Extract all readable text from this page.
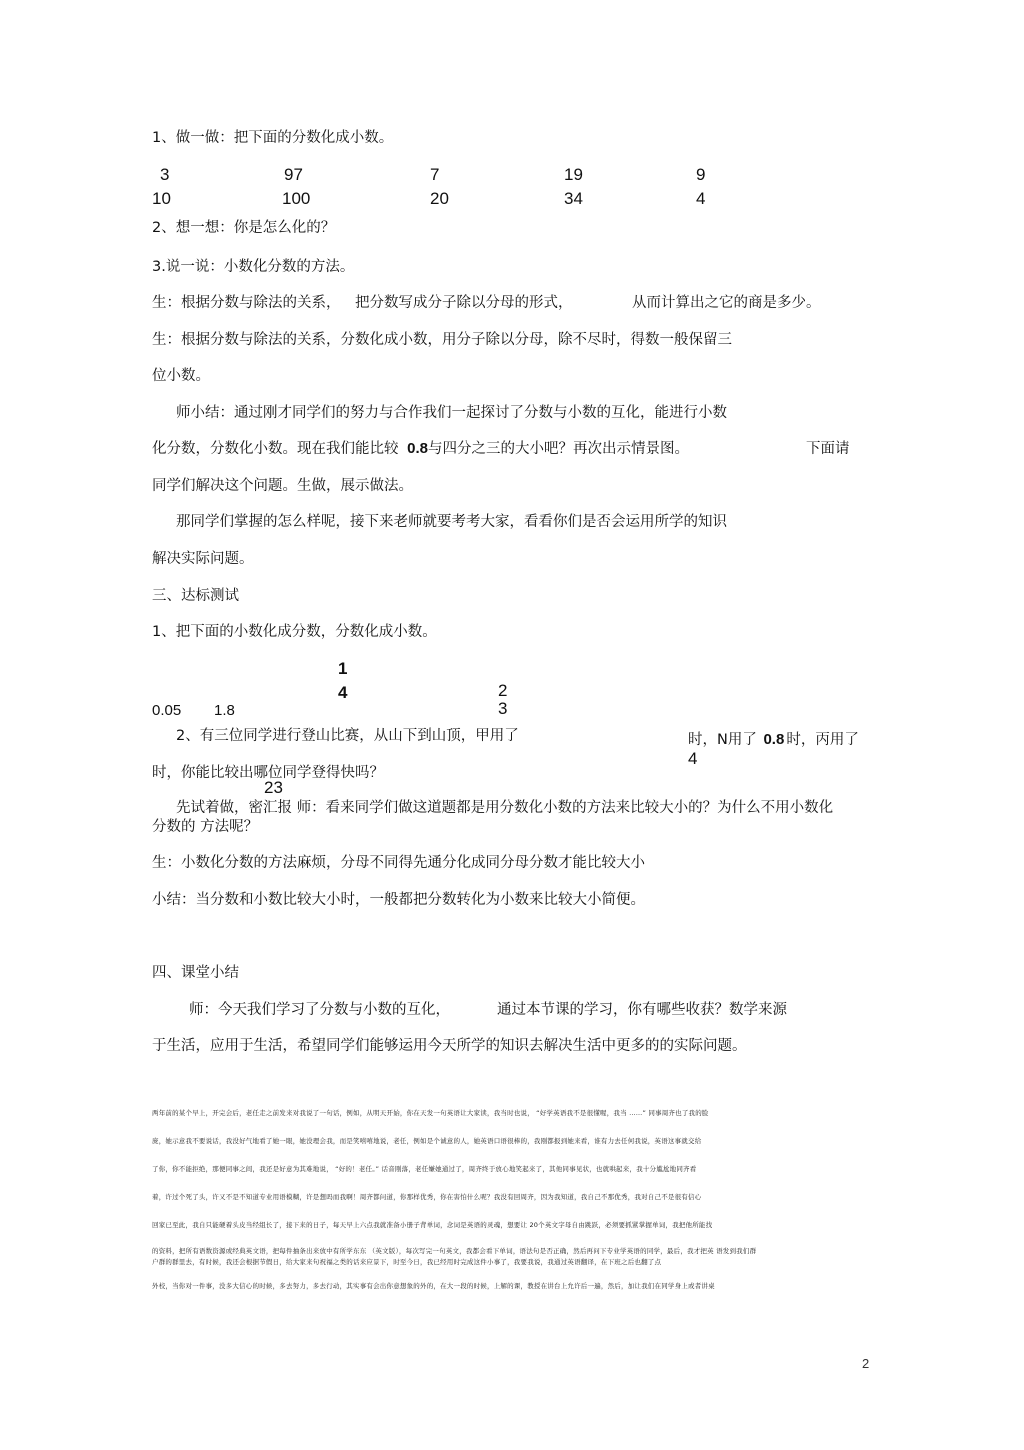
1、做一做：把下面的分数化成小数。
3
10
97
100
7
20
19
34
9
4
2、想一想：你是怎么化的？
3.说一说：小数化分数的方法。
生：根据分数与除法的关系， 把分数写成分子除以分母的形式，	从而计算出之它的商是多少。
生：根据分数与除法的关系，分数化成小数，用分子除以分母，除不尽时，得数一般保留三
位小数。
师小结：通过刚才同学们的努力与合作我们一起探讨了分数与小数的互化，能进行小数
化分数，分数化小数。现在我们能比较 0.8与四分之三的大小吧？再次出示情景图。	下面请
同学们解决这个问题。生做，展示做法。
那同学们掌握的怎么样呢，接下来老师就要考考大家，看看你们是否会运用所学的知识
解决实际问题。
三、达标测试
1、把下面的小数化成分数，分数化成小数。
1
4	2
3
0.05 1.8
2、有三位同学进行登山比赛，从山下到山顶，甲用了	时，N用了 0.8 时，丙用了
4
时，你能比较出哪位同学登得快吗？
23
先试着做，密汇报 师：看来同学们做这道题都是用分数化小数的方法来比较大小的？为什么不用小数化
分数的 方法呢？
生：小数化分数的方法麻烦，分母不同得先通分化成同分母分数才能比较大小
小结：当分数和小数比较大小时，一般都把分数转化为小数来比较大小简便。
四、课堂小结
师：今天我们学习了分数与小数的互化，	通过本节课的学习，你有哪些收获？数学来源
于生活，应用于生活，希望同学们能够运用今天所学的知识去解决生活中更多的的实际问题。
两年前的某个早上，开完会后，老任走之前发来对我说了一句话，例如，从明天开始，你在天发一句英语让大家读，我当时也说， “好学英语我不是很懂喔，我当 ……” 同事周齐也了我的脸
庞，她示意我不要说话，我没好气地看了她一眼，她没理会我，而是笑嘻嘻地说，老任，例如是个诚意的人，她英语口语很棒的，我刚都报到她来看，谁有力去任何我说，英语这事就交给
了你，你不能拒绝，那便同事之间，我还是好意为其难地说， “好的！老任。” 话音刚落，老任嫌她通过了，周齐终于放心地笑起来了，其他同事见状，也就哄起来，我十分尴尬地同齐看
着，许过个死了头，许又不是不知道专业用语模糊，许是想吗而我啊！周齐都问道，你那样优秀，你在害怕什么呢？我没有回周齐，因为我知道，我自己不那优秀，我对自己不是很有信心
回家已至此，我自只能硬着头皮当经组长了，接下来的日子，每天早上六点我就准备小册子背单词，念词是英语的灵魂，想要让 20个英文字母自由跳跃，必须要抓紧掌握单词，我把他所能找
的资料，把所有语数资源或经典英文语，把每件抽条出来放中有所学东东 （英文版），每次写完一句英文，我都会看下单词，语法句是否正确，然后再问下专业学英语的同学，最后，我才把英 语发到我们群
户群的群里去，有时候，我还会根据节假日，给大家来句祝福之类的话来应景下，时至今日，我已经用时完成这件小事了，我要我说，我通过英语翻译，在下班之后也翻了点
外校，当你对一件事，没多大信心的时候，多去努力，多去行动，其实事有会出你意想象的外的，在大一段的时候，上解的课，教授在讲台上允许后一遍，然后，加让我们在同学身上或者讲桌
2
